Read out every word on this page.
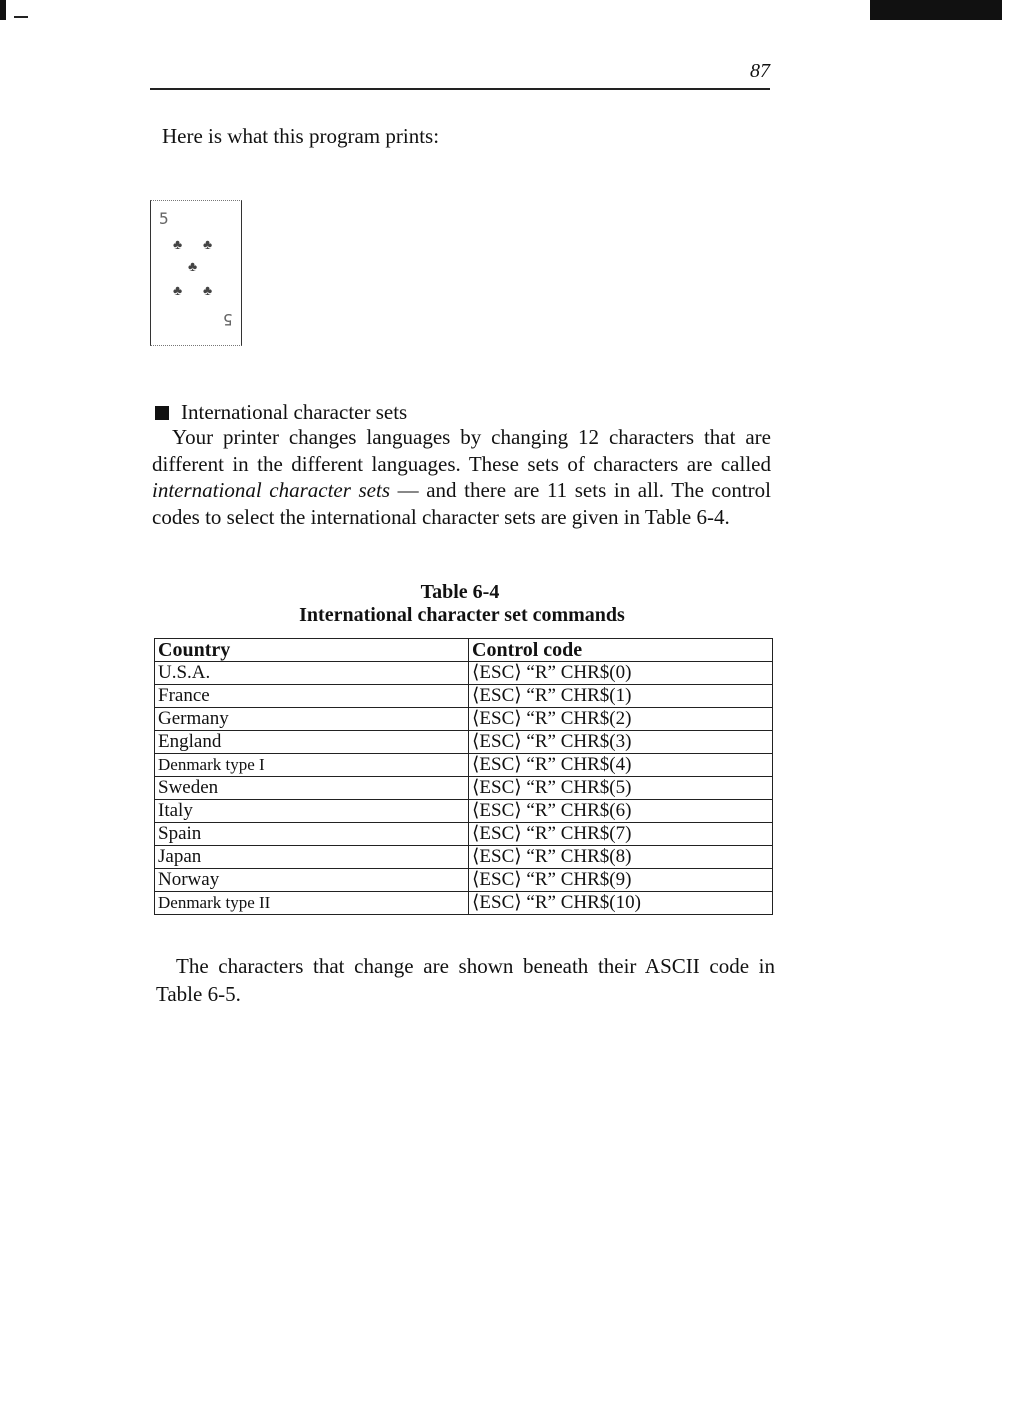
87
Here is what this program prints:
5
♣ ♣
♣
♣ ♣
5
International character sets

Your printer changes languages by changing 12 characters that are different in the different languages. These sets of characters are called international character sets — and there are 11 sets in all. The control codes to select the international character sets are given in Table 6-4.

Table 6-4
International character set commands
Country	Control code
U.S.A.	⟨ESC⟩ “R” CHR$(0)
France	⟨ESC⟩ “R” CHR$(1)
Germany	⟨ESC⟩ “R” CHR$(2)
England	⟨ESC⟩ “R” CHR$(3)
Denmark type I	⟨ESC⟩ “R” CHR$(4)
Sweden	⟨ESC⟩ “R” CHR$(5)
Italy	⟨ESC⟩ “R” CHR$(6)
Spain	⟨ESC⟩ “R” CHR$(7)
Japan	⟨ESC⟩ “R” CHR$(8)
Norway	⟨ESC⟩ “R” CHR$(9)
Denmark type II	⟨ESC⟩ “R” CHR$(10)

The characters that change are shown beneath their ASCII code in Table 6-5.
